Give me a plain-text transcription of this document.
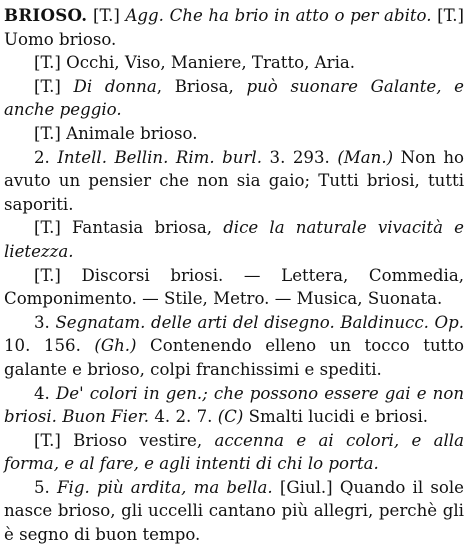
BRIOSO. [T.] Agg. Che ha brio in atto o per abito. [T.] Uomo brioso.

[T.] Occhi, Viso, Maniere, Tratto, Aria.

[T.] Di donna, Briosa, può suonare Galante, e anche peggio.

[T.] Animale brioso.

2. Intell. Bellin. Rim. burl. 3. 293. (Man.) Non ho avuto un pensier che non sia gaio; Tutti briosi, tutti saporiti.

[T.] Fantasia briosa, dice la naturale vivacità e lietezza.

[T.] Discorsi briosi. — Lettera, Commedia, Componimento. — Stile, Metro. — Musica, Suonata.

3. Segnatam. delle arti del disegno. Baldinucc. Op. 10. 156. (Gh.) Contenendo elleno un tocco tutto galante e brioso, colpi franchissimi e spediti.

4. De' colori in gen.; che possono essere gai e non briosi. Buon Fier. 4. 2. 7. (C) Smalti lucidi e briosi.

[T.] Brioso vestire, accenna e ai colori, e alla forma, e al fare, e agli intenti di chi lo porta.

5. Fig. più ardita, ma bella. [Giul.] Quando il sole nasce brioso, gli uccelli cantano più allegri, perchè gli è segno di buon tempo.
